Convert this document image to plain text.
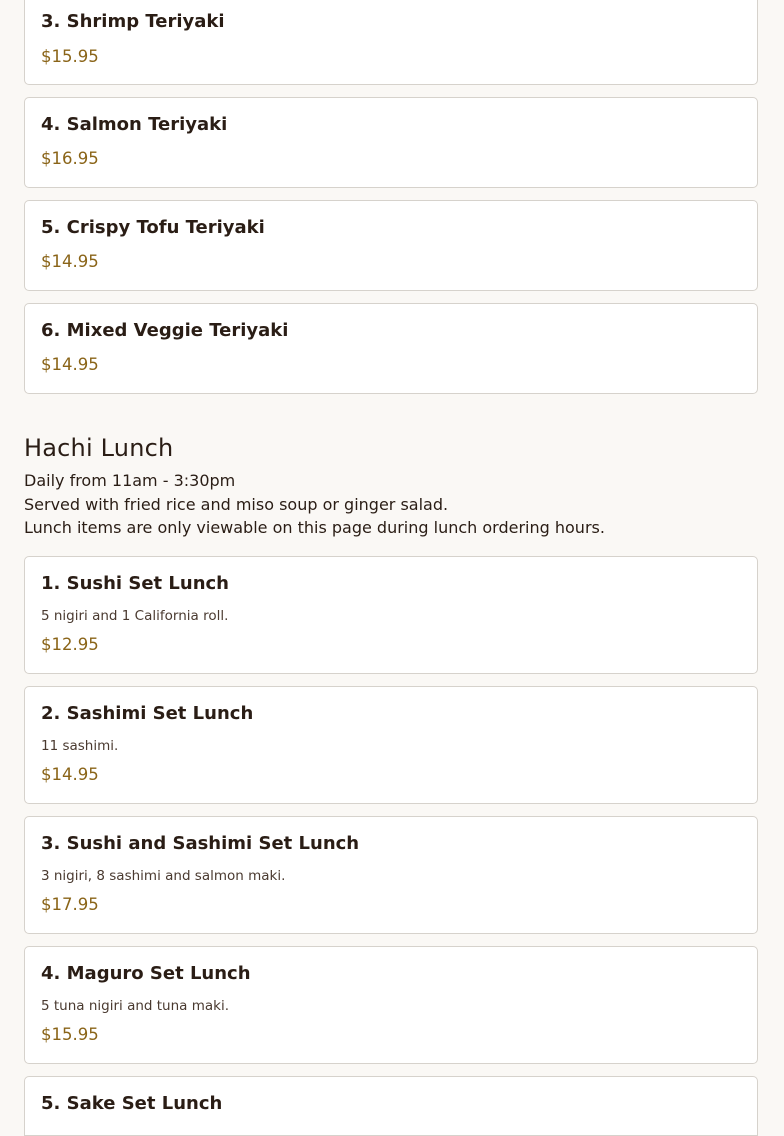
3. Shrimp Teriyaki
$15.95
4. Salmon Teriyaki
$16.95
5. Crispy Tofu Teriyaki
$14.95
6. Mixed Veggie Teriyaki
$14.95
Hachi Lunch
Daily from 11am - 3:30pm
Served with fried rice and miso soup or ginger salad.
Lunch items are only viewable on this page during lunch ordering hours.
1. Sushi Set Lunch
5 nigiri and 1 California roll.
$12.95
2. Sashimi Set Lunch
11 sashimi.
$14.95
3. Sushi and Sashimi Set Lunch
3 nigiri, 8 sashimi and salmon maki.
$17.95
4. Maguro Set Lunch
5 tuna nigiri and tuna maki.
$15.95
5. Sake Set Lunch
